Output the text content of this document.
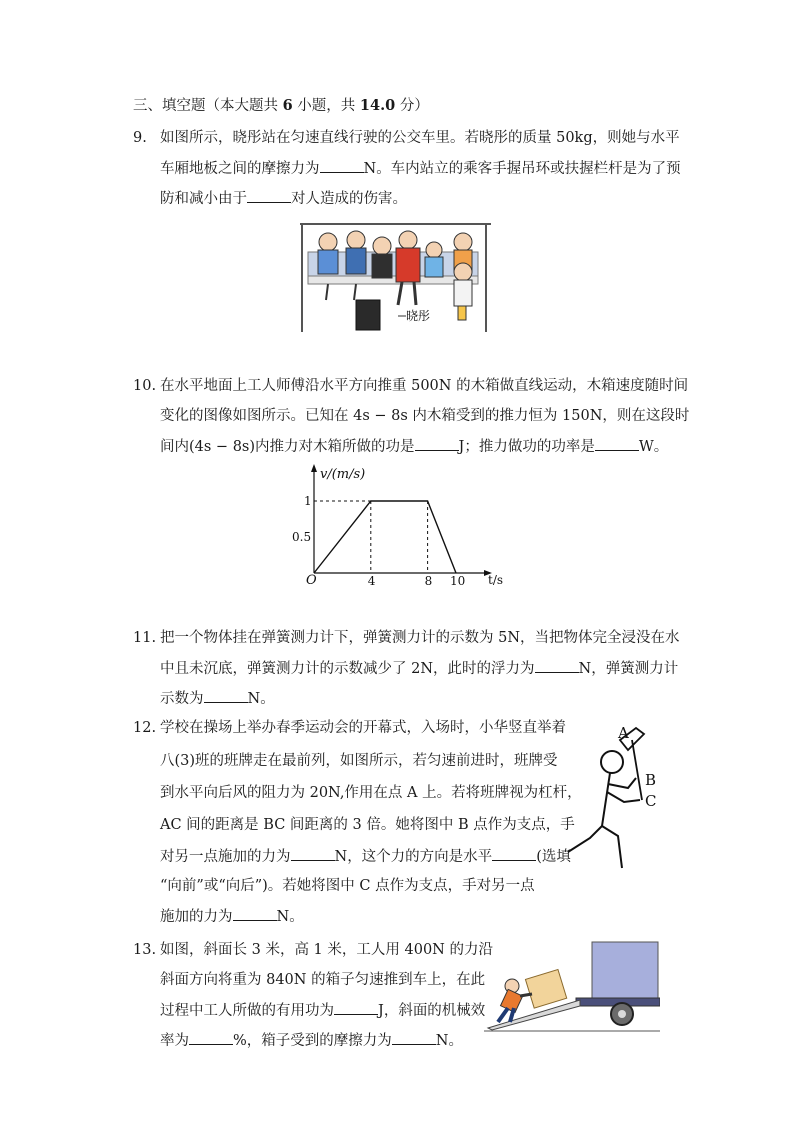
三、填空题（本大题共 6 小题，共 14.0 分）
9. 如图所示，晓彤站在匀速直线行驶的公交车里。若晓彤的质量 50kg，则她与水平
车厢地板之间的摩擦力为	N。车内站立的乘客手握吊环或扶握栏杆是为了预
防和减小由于	对人造成的伤害。
晓彤
10. 在水平地面上工人师傅沿水平方向推重 500N 的木箱做直线运动，木箱速度随时间
变化的图像如图所示。已知在 4s − 8s 内木箱受到的推力恒为 150N，则在这段时
间内(4s − 8s)内推力对木箱所做的功是	J；推力做功的功率是	W。
v/(m/s)
t/s
O	4	8 10
0.5
1
11. 把一个物体挂在弹簧测力计下，弹簧测力计的示数为 5N，当把物体完全浸没在水
中且未沉底，弹簧测力计的示数减少了 2N，此时的浮力为	N，弹簧测力计
示数为	N。
12. 学校在操场上举办春季运动会的开幕式，入场时，小华竖直举着
八(3)班的班牌走在最前列，如图所示，若匀速前进时，班牌受
到水平向后风的阻力为 20N,作用在点 A 上。若将班牌视为杠杆，
AC 间的距离是 BC 间距离的 3 倍。她将图中 B 点作为支点，手
对另一点施加的力为	N，这个力的方向是水平	(选填
“向前”或“向后”)。若她将图中 C 点作为支点，手对另一点
施加的力为	N。
A
B
C
13. 如图，斜面长 3 米，高 1 米，工人用 400N 的力沿
斜面方向将重为 840N 的箱子匀速推到车上，在此
过程中工人所做的有用功为	J，斜面的机械效
率为	%，箱子受到的摩擦力为	N。
